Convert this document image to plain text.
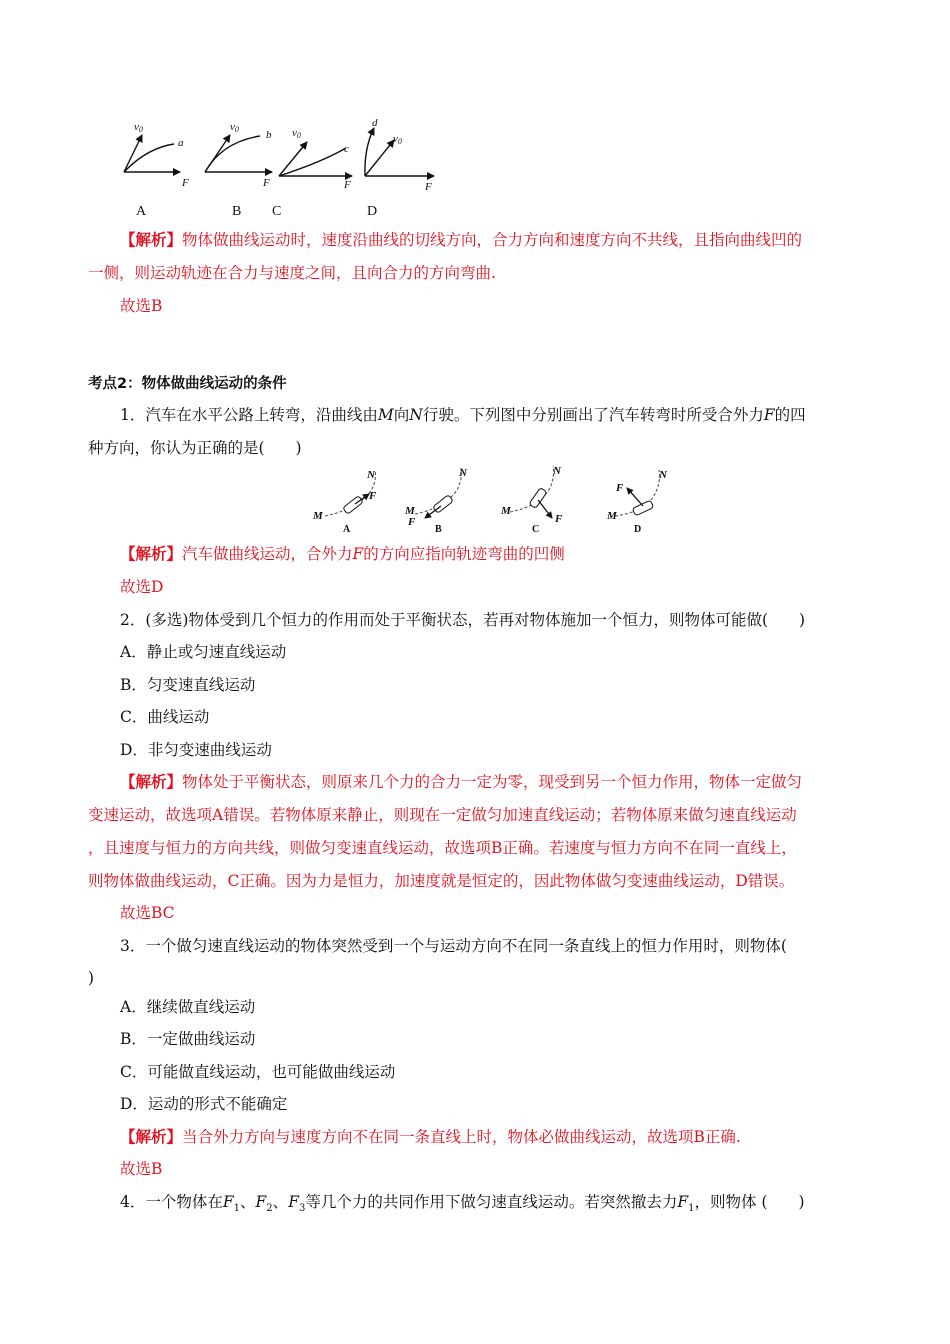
v0
a
F
v0 b
F
v0
c
F
d
v0
F
A	B C	D
【解析】物体做曲线运动时，速度沿曲线的切线方向，合力方向和速度方向不共线，且指向曲线凹的
一侧，则运动轨迹在合力与速度之间，且向合力的方向弯曲.
故选B
考点2：物体做曲线运动的条件
1．汽车在水平公路上转弯，沿曲线由M向N行驶。下列图中分别画出了汽车转弯时所受合外力F的四
种方向，你认为正确的是(　　)
M
N
F
M
F
N
M
N
F
F
N
M
A	B	C	D
【解析】汽车做曲线运动，合外力F的方向应指向轨迹弯曲的凹侧
故选D
2．(多选)物体受到几个恒力的作用而处于平衡状态，若再对物体施加一个恒力，则物体可能做(　　)
A．静止或匀速直线运动
B．匀变速直线运动
C．曲线运动
D．非匀变速曲线运动
【解析】物体处于平衡状态，则原来几个力的合力一定为零，现受到另一个恒力作用，物体一定做匀
变速运动，故选项A错误。若物体原来静止，则现在一定做匀加速直线运动；若物体原来做匀速直线运动
，且速度与恒力的方向共线，则做匀变速直线运动，故选项B正确。若速度与恒力方向不在同一直线上，
则物体做曲线运动，C正确。因为力是恒力，加速度就是恒定的，因此物体做匀变速曲线运动，D错误。
故选BC
3．一个做匀速直线运动的物体突然受到一个与运动方向不在同一条直线上的恒力作用时，则物体(
)
A．继续做直线运动
B．一定做曲线运动
C．可能做直线运动，也可能做曲线运动
D．运动的形式不能确定
【解析】当合外力方向与速度方向不在同一条直线上时，物体必做曲线运动，故选项B正确.
故选B
4．一个物体在$F_1$、$F_2$、$F_3$等几个力的共同作用下做匀速直线运动。若突然撤去力$F_1$，则物体 (　　)
